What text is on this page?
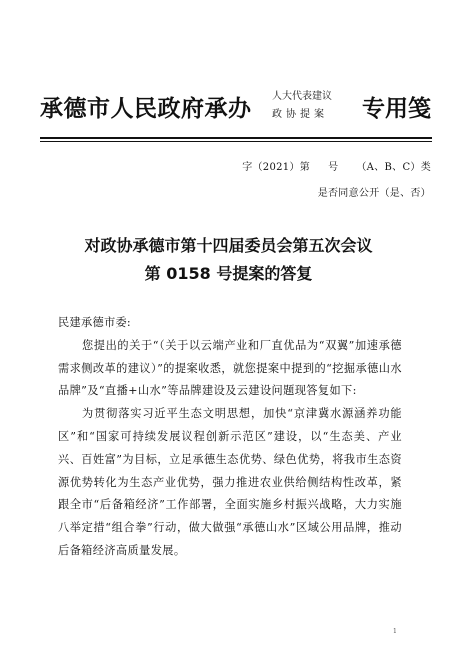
承德市人民政府承办 人大代表建议
政协提案	专用笺
字（2021）第 号 （A、B、C）类
是否同意公开（是、否）
对政协承德市第十四届委员会第五次会议
第 0158 号提案的答复

民建承德市委:

您提出的关于“（关于以云端产业和厂直优品为“双翼”加速承德需求侧改革的建议）”的提案收悉，就您提案中提到的“挖掘承德山水品牌”及“直播+山水”等品牌建设及云建设问题现答复如下:

为贯彻落实习近平生态文明思想，加快“京津冀水源涵养功能区”和“国家可持续发展议程创新示范区”建设，以“生态美、产业兴、百姓富”为目标，立足承德生态优势、绿色优势，将我市生态资源优势转化为生态产业优势，强力推进农业供给侧结构性改革，紧跟全市“后备箱经济”工作部署，全面实施乡村振兴战略，大力实施八举定措“组合拳”行动，做大做强“承德山水”区域公用品牌，推动后备箱经济高质量发展。

1
